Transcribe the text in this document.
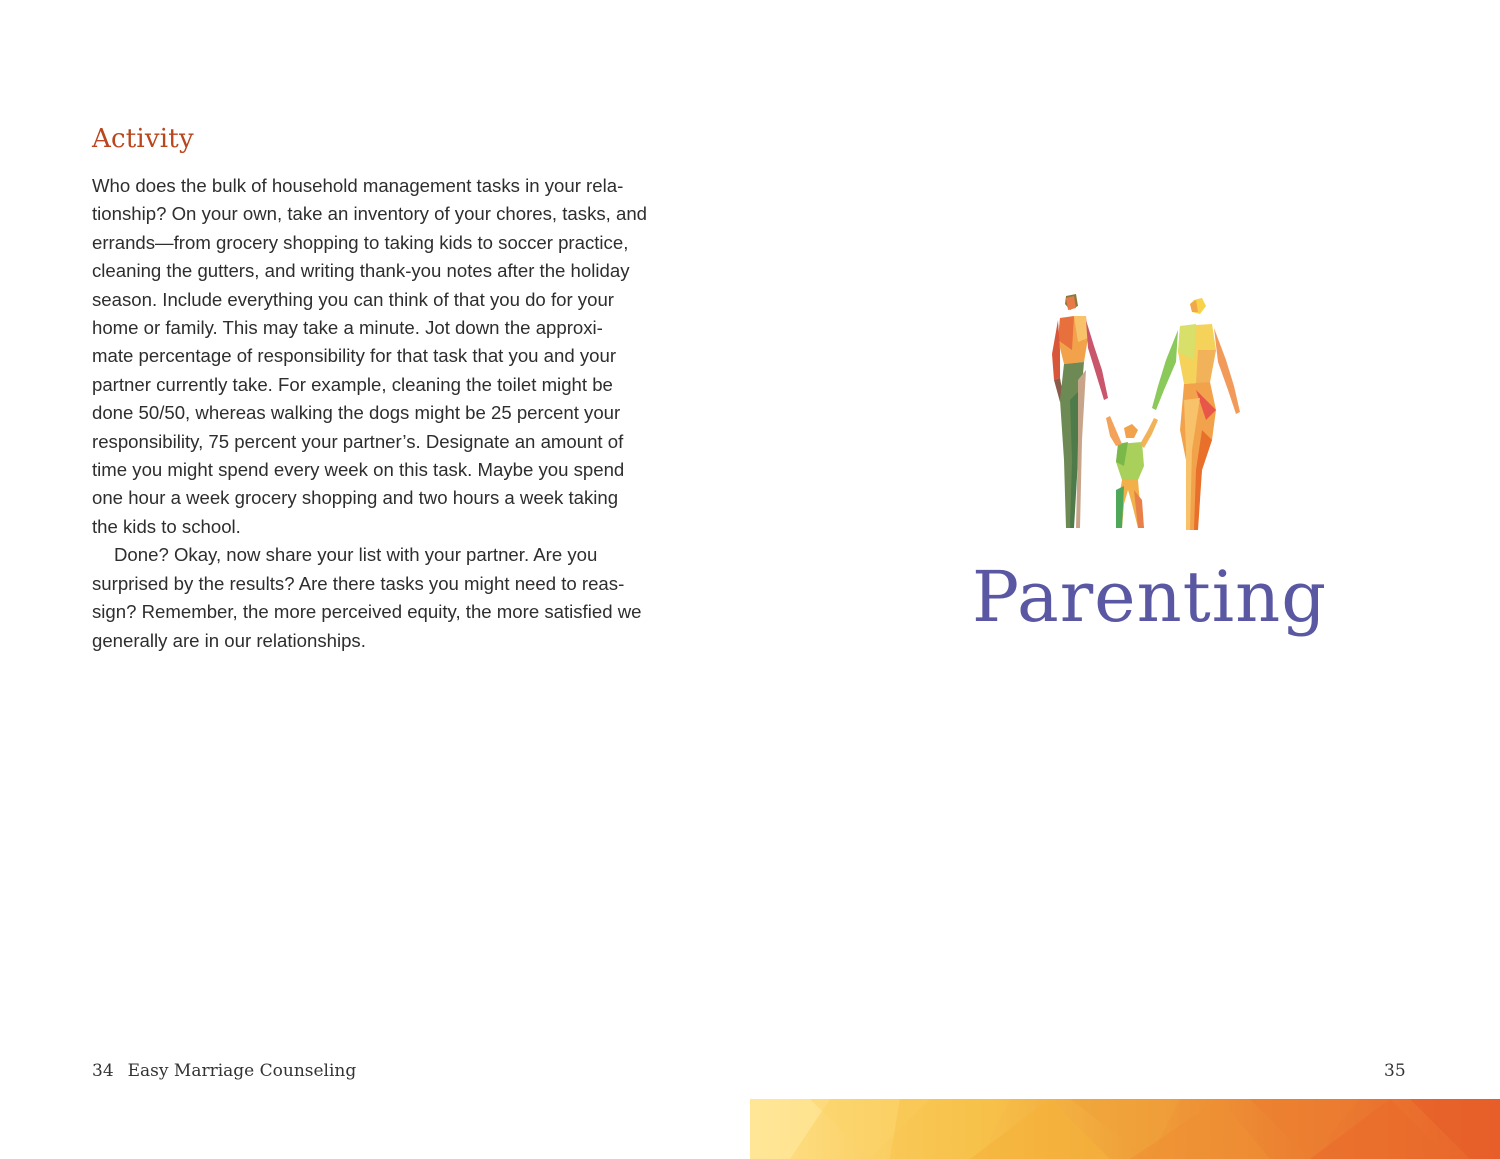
Activity

Who does the bulk of household management tasks in your rela-
tionship? On your own, take an inventory of your chores, tasks, and
errands—from grocery shopping to taking kids to soccer practice,
cleaning the gutters, and writing thank-you notes after the holiday
season. Include everything you can think of that you do for your
home or family. This may take a minute. Jot down the approxi-
mate percentage of responsibility for that task that you and your
partner currently take. For example, cleaning the toilet might be
done 50/50, whereas walking the dogs might be 25 percent your
responsibility, 75 percent your partner’s. Designate an amount of
time you might spend every week on this task. Maybe you spend
one hour a week grocery shopping and two hours a week taking
the kids to school.

Done? Okay, now share your list with your partner. Are you
surprised by the results? Are there tasks you might need to reas-
sign? Remember, the more perceived equity, the more satisfied we
generally are in our relationships.

34 Easy Marriage Counseling
Parenting
35
